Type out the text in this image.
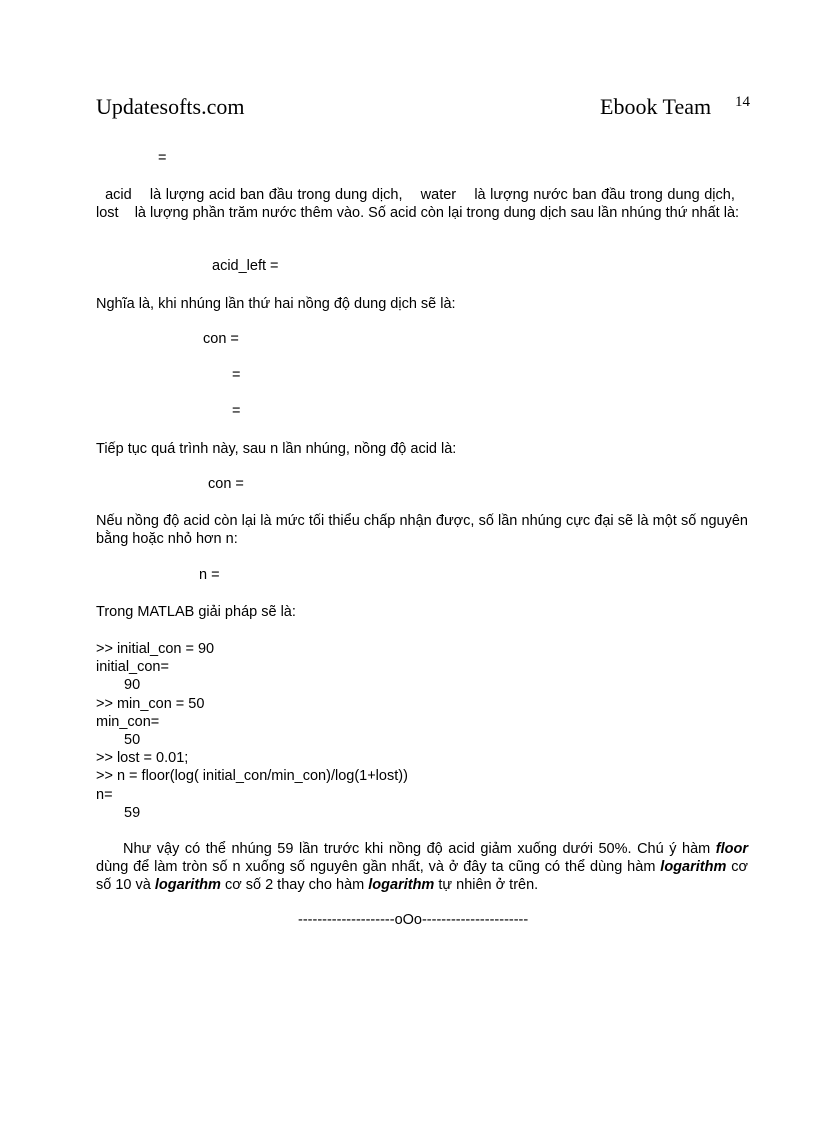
Updatesofts.com	Ebook Team 14
=
acid là lượng acid ban đầu trong dung dịch, water là lượng nước ban đầu trong dung dịch,    lost là lượng phần trăm nước thêm vào. Số acid còn lại trong dung dịch sau lần nhúng thứ nhất là:
acid_left =
Nghĩa là, khi nhúng lần thứ hai nồng độ dung dịch sẽ là:
con =
=
=
Tiếp tục quá trình này, sau n lần nhúng, nồng độ acid là:
con =
Nếu nồng độ acid còn lại là mức tối thiểu chấp nhận được, số lần nhúng cực đại sẽ là một số nguyên bằng hoặc nhỏ hơn n:
n =
Trong MATLAB giải pháp sẽ là:
>> initial_con = 90
initial_con=
90
>> min_con = 50
min_con=
50
>> lost = 0.01;
>> n = floor(log( initial_con/min_con)/log(1+lost))
n=
59
Như vậy có thể nhúng 59 lần trước khi nồng độ acid giảm xuống dưới 50%. Chú ý hàm floor dùng để làm tròn số n xuống số nguyên gần nhất, và ở đây ta cũng có thể dùng hàm logarithm cơ số 10 và logarithm cơ số 2 thay cho hàm logarithm tự nhiên ở trên.
--------------------oOo----------------------
